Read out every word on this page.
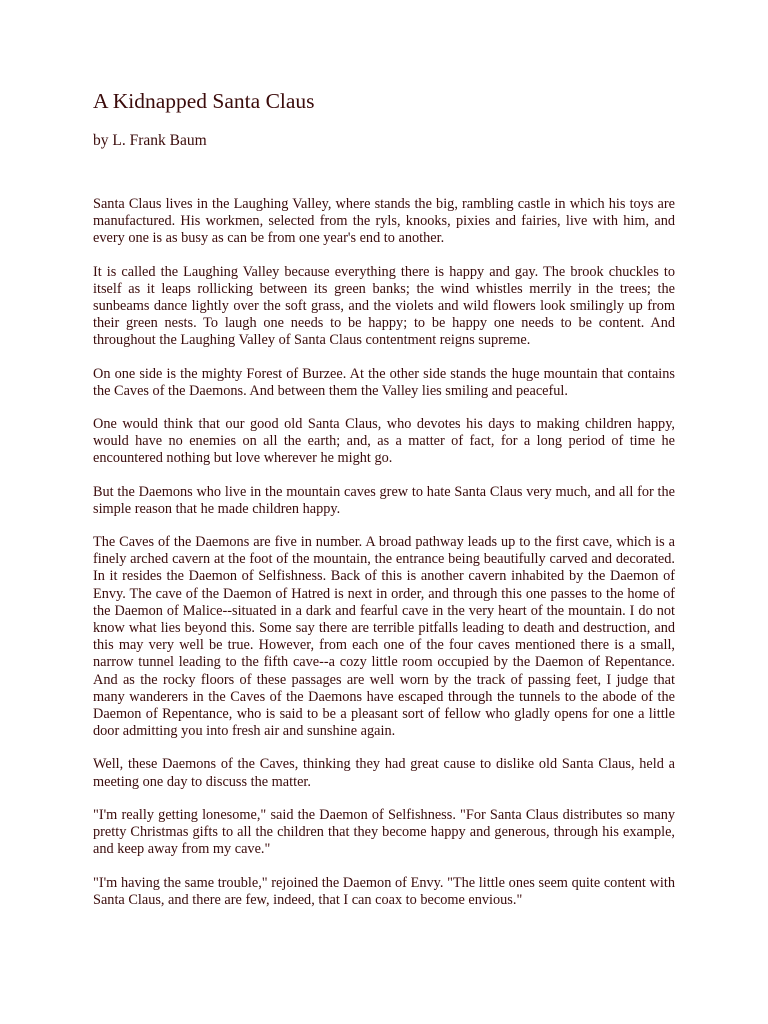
A Kidnapped Santa Claus

by L. Frank Baum

Santa Claus lives in the Laughing Valley, where stands the big, rambling castle in which his toys are manufactured. His workmen, selected from the ryls, knooks, pixies and fairies, live with him, and every one is as busy as can be from one year's end to another.

It is called the Laughing Valley because everything there is happy and gay. The brook chuckles to itself as it leaps rollicking between its green banks; the wind whistles merrily in the trees; the sunbeams dance lightly over the soft grass, and the violets and wild flowers look smilingly up from their green nests. To laugh one needs to be happy; to be happy one needs to be content. And throughout the Laughing Valley of Santa Claus contentment reigns supreme.

On one side is the mighty Forest of Burzee. At the other side stands the huge mountain that contains the Caves of the Daemons. And between them the Valley lies smiling and peaceful.

One would think that our good old Santa Claus, who devotes his days to making children happy, would have no enemies on all the earth; and, as a matter of fact, for a long period of time he encountered nothing but love wherever he might go.

But the Daemons who live in the mountain caves grew to hate Santa Claus very much, and all for the simple reason that he made children happy.

The Caves of the Daemons are five in number. A broad pathway leads up to the first cave, which is a finely arched cavern at the foot of the mountain, the entrance being beautifully carved and decorated. In it resides the Daemon of Selfishness. Back of this is another cavern inhabited by the Daemon of Envy. The cave of the Daemon of Hatred is next in order, and through this one passes to the home of the Daemon of Malice--situated in a dark and fearful cave in the very heart of the mountain. I do not know what lies beyond this. Some say there are terrible pitfalls leading to death and destruction, and this may very well be true. However, from each one of the four caves mentioned there is a small, narrow tunnel leading to the fifth cave--a cozy little room occupied by the Daemon of Repentance. And as the rocky floors of these passages are well worn by the track of passing feet, I judge that many wanderers in the Caves of the Daemons have escaped through the tunnels to the abode of the Daemon of Repentance, who is said to be a pleasant sort of fellow who gladly opens for one a little door admitting you into fresh air and sunshine again.

Well, these Daemons of the Caves, thinking they had great cause to dislike old Santa Claus, held a meeting one day to discuss the matter.

"I'm really getting lonesome," said the Daemon of Selfishness. "For Santa Claus distributes so many pretty Christmas gifts to all the children that they become happy and generous, through his example, and keep away from my cave."

"I'm having the same trouble," rejoined the Daemon of Envy. "The little ones seem quite content with Santa Claus, and there are few, indeed, that I can coax to become envious."
